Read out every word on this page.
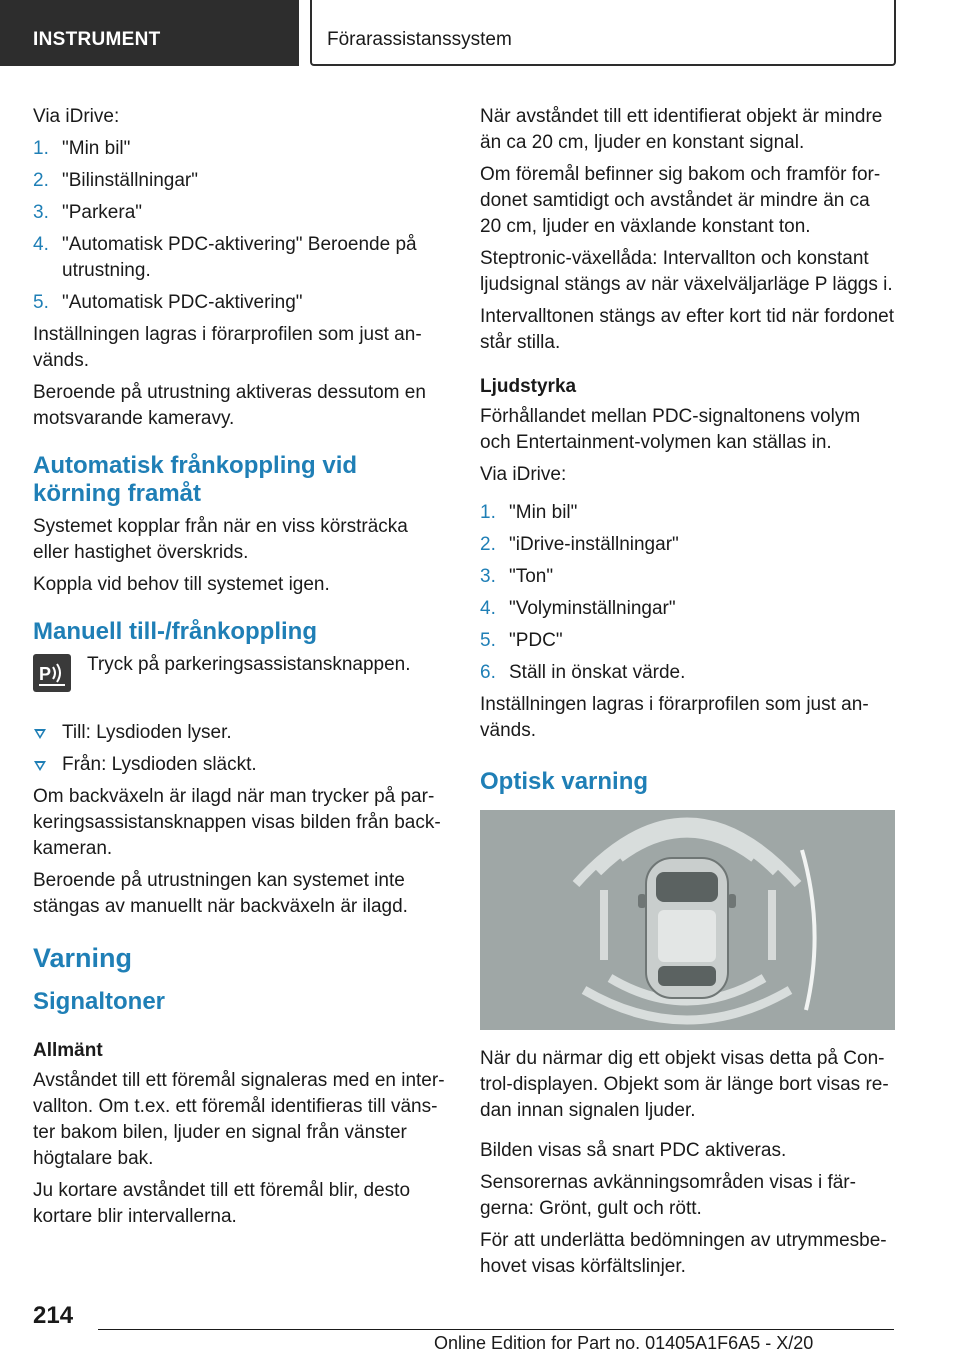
INSTRUMENT	Förarassistanssystem

Via iDrive:

1. "Min bil"
2. "Bilinställningar"
3. "Parkera"
4. "Automatisk PDC-aktivering" Beroende på utrustning.
5. "Automatisk PDC-aktivering"

Inställningen lagras i förarprofilen som just används.

Beroende på utrustning aktiveras dessutom en motsvarande kameravy.

Automatisk frånkoppling vid körning framåt

Systemet kopplar från när en viss körsträcka eller hastighet överskrids.

Koppla vid behov till systemet igen.

Manuell till-/frånkoppling
P	Tryck på parkeringsassistansknappen.

Till: Lysdioden lyser.
Från: Lysdioden släckt.

Om backväxeln är ilagd när man trycker på parkeringsassistansknappen visas bilden från backkameran.

Beroende på utrustningen kan systemet inte stängas av manuellt när backväxeln är ilagd.

Varning
Signaltoner
Allmänt

Avståndet till ett föremål signaleras med en intervallton. Om t.ex. ett föremål identifieras till vänster bakom bilen, ljuder en signal från vänster högtalare bak.

Ju kortare avståndet till ett föremål blir, desto kortare blir intervallerna.

När avståndet till ett identifierat objekt är mindre än ca 20 cm, ljuder en konstant signal.

Om föremål befinner sig bakom och framför fordonet samtidigt och avståndet är mindre än ca 20 cm, ljuder en växlande konstant ton.

Steptronic-växellåda: Intervallton och konstant ljudsignal stängs av när växelväljarläge P läggs i.

Intervalltonen stängs av efter kort tid när fordonet står stilla.

Ljudstyrka

Förhållandet mellan PDC-signaltonens volym och Entertainment-volymen kan ställas in.

Via iDrive:

1. "Min bil"
2. "iDrive-inställningar"
3. "Ton"
4. "Volyminställningar"
5. "PDC"
6. Ställ in önskat värde.

Inställningen lagras i förarprofilen som just används.

Optisk varning

När du närmar dig ett objekt visas detta på Control-displayen. Objekt som är länge bort visas redan innan signalen ljuder.

Bilden visas så snart PDC aktiveras.

Sensorernas avkänningsområden visas i färgerna: Grönt, gult och rött.

För att underlätta bedömningen av utrymmesbehovet visas körfältslinjer.

214
Online Edition for Part no. 01405A1F6A5 - X/20
